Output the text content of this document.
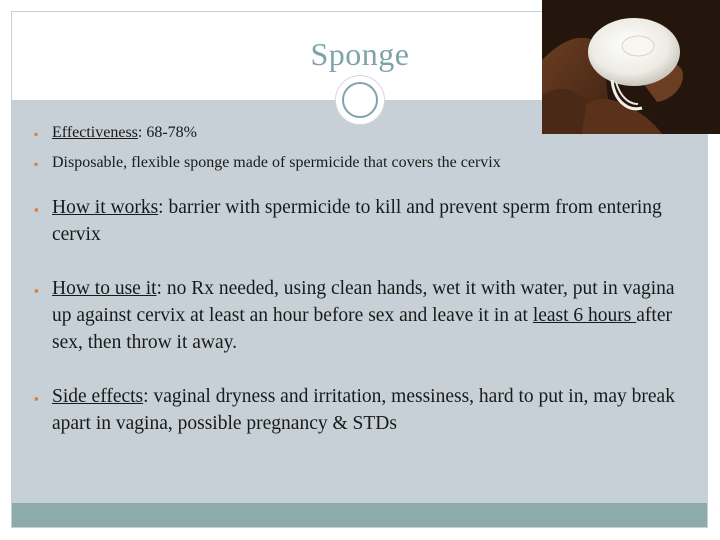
Sponge
▪ Effectiveness: 68-78%
▪ Disposable, flexible sponge made of spermicide that covers the cervix
▪ How it works: barrier with spermicide to kill and prevent sperm from entering cervix
▪ How to use it: no Rx needed, using clean hands, wet it with water, put in vagina up against cervix at least an hour before sex and leave it in at least 6 hours after sex, then throw it away.
▪ Side effects: vaginal dryness and irritation, messiness, hard to put in, may break apart in vagina, possible pregnancy & STDs
